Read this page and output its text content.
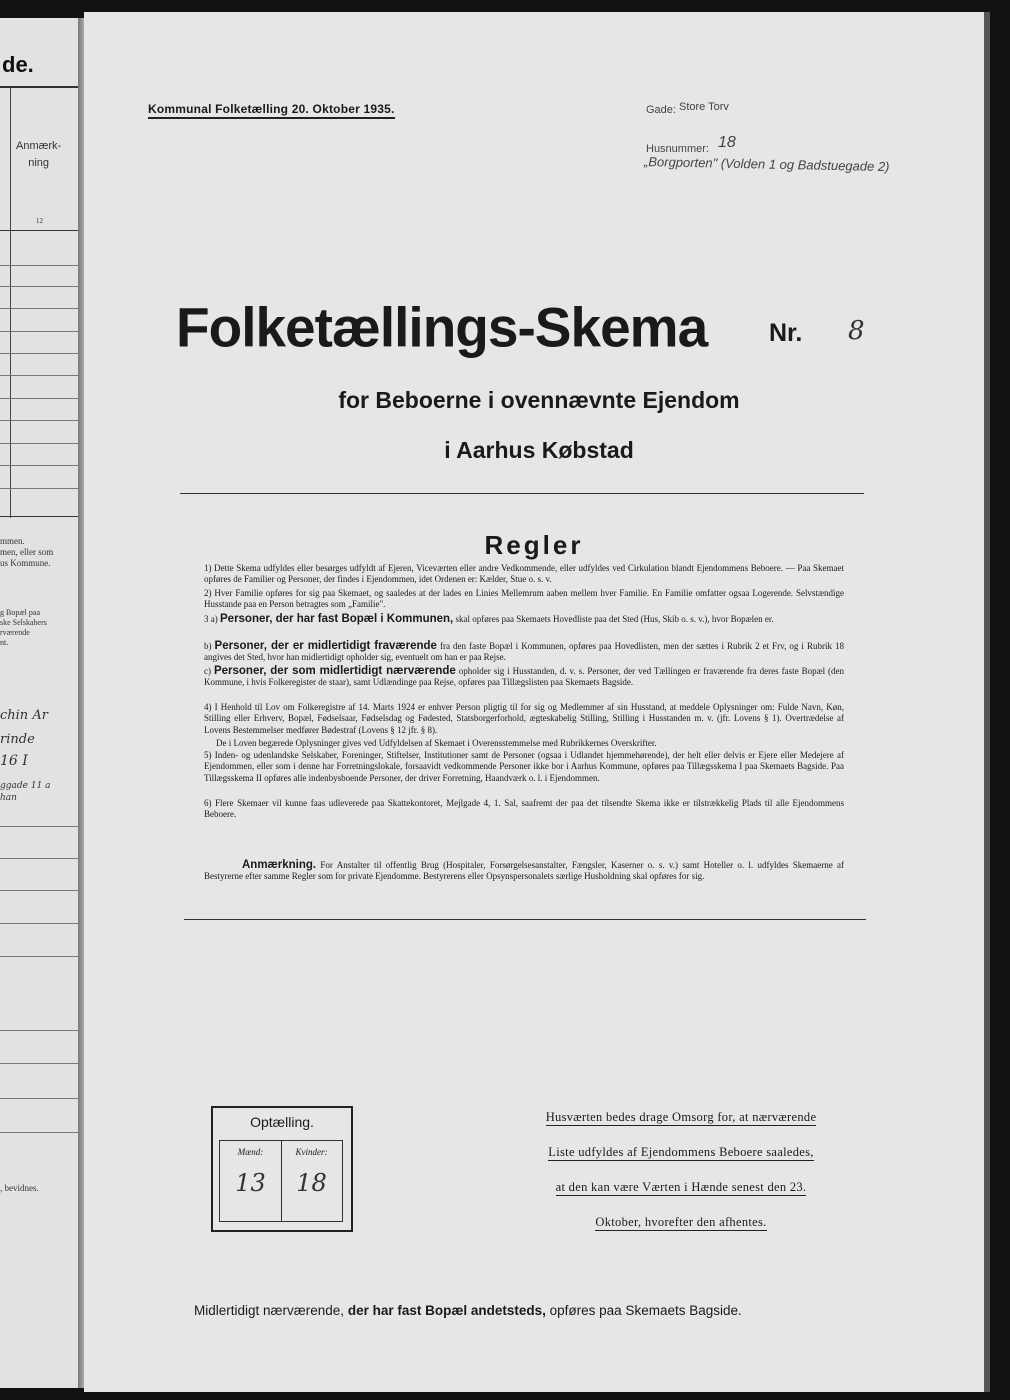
de.
Anmærk-
ning
12
mmen.
men, eller som
us Kommune.
g Bopæl paa
ske Selskabers
rværende
nt.
chin Ar
rinde
16 I
ggade 11 a
han
, bevidnes.
Kommunal Folketælling 20. Oktober 1935.	Gade: Store Torv
Husnummer: 18
„Borgporten" (Volden 1 og Badstuegade 2)
Folketællings-Skema Nr. 8
for Beboerne i ovennævnte Ejendom
i Aarhus Købstad
Regler
1) Dette Skema udfyldes eller besørges udfyldt af Ejeren, Viceværten eller andre Vedkommende, eller udfyldes ved Cirkulation blandt Ejendommens Beboere. — Paa Skemaet opføres de Familier og Personer, der findes i Ejendommen, idet Ordenen er: Kælder, Stue o. s. v.
2) Hver Familie opføres for sig paa Skemaet, og saaledes at der lades en Linies Mellemrum aaben mellem hver Familie. En Familie omfatter ogsaa Logerende. Selvstændige Husstande paa en Person betragtes som „Familie".
3 a) Personer, der har fast Bopæl i Kommunen, skal opføres paa Skemaets Hovedliste paa det Sted (Hus, Skib o. s. v.), hvor Bopælen er.
b) Personer, der er midlertidigt fraværende fra den faste Bopæl i Kommunen, opføres paa Hovedlisten, men der sættes i Rubrik 2 et Frv, og i Rubrik 18 angives det Sted, hvor han midlertidigt opholder sig, eventuelt om han er paa Rejse.
c) Personer, der som midlertidigt nærværende opholder sig i Husstanden, d. v. s. Personer, der ved Tællingen er fraværende fra deres faste Bopæl (den Kommune, i hvis Folkeregister de staar), samt Udlændinge paa Rejse, opføres paa Tillægslisten paa Skemaets Bagside.
4) I Henhold til Lov om Folkeregistre af 14. Marts 1924 er enhver Person pligtig til for sig og Medlemmer af sin Husstand, at meddele Oplysninger om: Fulde Navn, Køn, Stilling eller Erhverv, Bopæl, Fødselsaar, Fødselsdag og Fødested, Statsborgerforhold, ægteskabelig Stilling, Stilling i Husstanden m. v. (jfr. Lovens § 1). Overtrædelse af Lovens Bestemmelser medfører Bødestraf (Lovens § 12 jfr. § 8).
De i Loven begærede Oplysninger gives ved Udfyldelsen af Skemaet i Overensstemmelse med Rubrikkernes Overskrifter.
5) Inden- og udenlandske Selskaber, Foreninger, Stiftelser, Institutioner samt de Personer (ogsaa i Udlandet hjemmehørende), der helt eller delvis er Ejere eller Medejere af Ejendommen, eller som i denne har Forretningslokale, forsaavidt vedkommende Personer ikke bor i Aarhus Kommune, opføres paa Tillægsskema I paa Skemaets Bagside. Paa Tillægsskema II opføres alle indenbysboende Personer, der driver Forretning, Haandværk o. l. i Ejendommen.
6) Flere Skemaer vil kunne faas udleverede paa Skattekontoret, Mejlgade 4, 1. Sal, saafremt der paa det tilsendte Skema ikke er tilstrækkelig Plads til alle Ejendommens Beboere.
Anmærkning. For Anstalter til offentlig Brug (Hospitaler, Forsørgelsesanstalter, Fængsler, Kaserner o. s. v.) samt Hoteller o. l. udfyldes Skemaerne af Bestyrerne efter samme Regler som for private Ejendomme. Bestyrerens eller Opsynspersonalets særlige Husholdning skal opføres for sig.
Optælling.
Mænd:
13
Kvinder:
18
Husværten bedes drage Omsorg for, at nærværende
Liste udfyldes af Ejendommens Beboere saaledes,
at den kan være Værten i Hænde senest den 23.
Oktober, hvorefter den afhentes.
Midlertidigt nærværende, der har fast Bopæl andetsteds, opføres paa Skemaets Bagside.
